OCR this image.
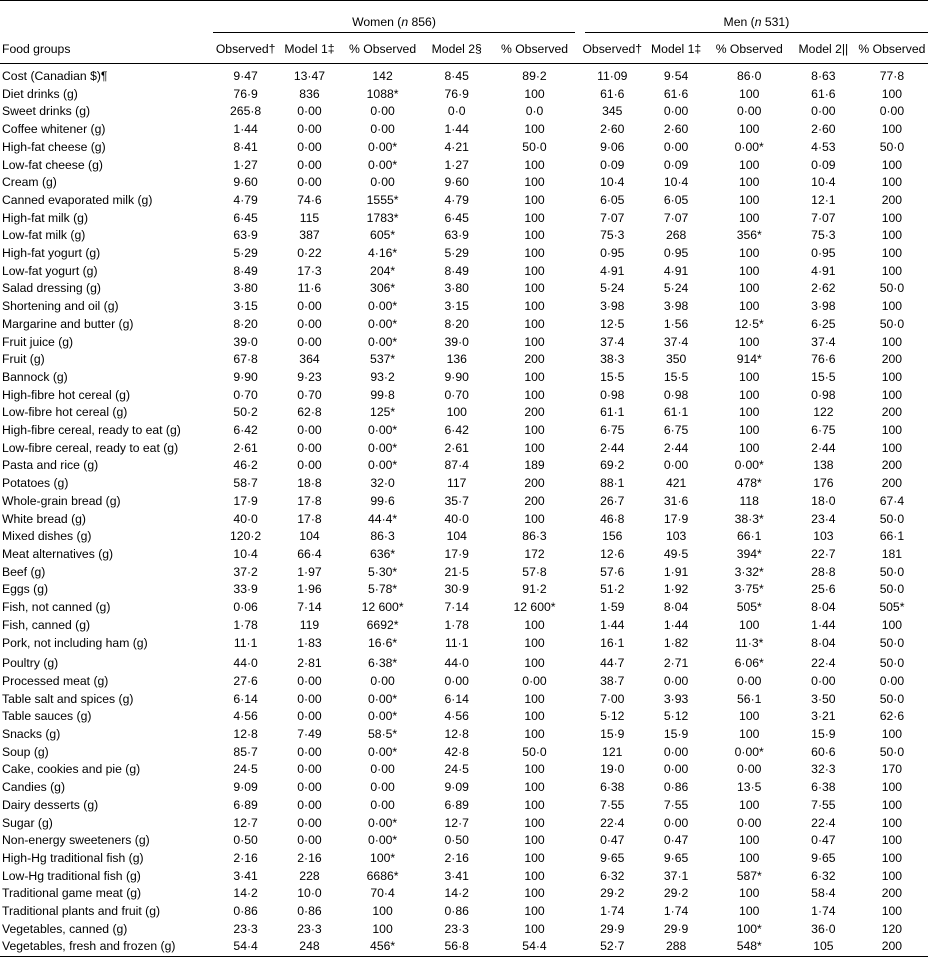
	Women (n 856)					Men (n 531)				

Food groups	Observed†	Model 1‡	% Observed	Model 2§	% Observed	Observed†	Model 1‡	% Observed	Model 2||	% Observed
Cost (Canadian $)¶	9·47	13·47	142	8·45	89·2	11·09	9·54	86·0	8·63	77·8
Diet drinks (g)	76·9	836	1088*	76·9	100	61·6	61·6	100	61·6	100
Sweet drinks (g)	265·8	0·00	0·00	0·0	0·0	345	0·00	0·00	0·00	0·00
Coffee whitener (g)	1·44	0·00	0·00	1·44	100	2·60	2·60	100	2·60	100
High-fat cheese (g)	8·41	0·00	0·00*	4·21	50·0	9·06	0·00	0·00*	4·53	50·0
Low-fat cheese (g)	1·27	0·00	0·00*	1·27	100	0·09	0·09	100	0·09	100
Cream (g)	9·60	0·00	0·00	9·60	100	10·4	10·4	100	10·4	100
Canned evaporated milk (g)	4·79	74·6	1555*	4·79	100	6·05	6·05	100	12·1	200
High-fat milk (g)	6·45	115	1783*	6·45	100	7·07	7·07	100	7·07	100
Low-fat milk (g)	63·9	387	605*	63·9	100	75·3	268	356*	75·3	100
High-fat yogurt (g)	5·29	0·22	4·16*	5·29	100	0·95	0·95	100	0·95	100
Low-fat yogurt (g)	8·49	17·3	204*	8·49	100	4·91	4·91	100	4·91	100
Salad dressing (g)	3·80	11·6	306*	3·80	100	5·24	5·24	100	2·62	50·0
Shortening and oil (g)	3·15	0·00	0·00*	3·15	100	3·98	3·98	100	3·98	100
Margarine and butter (g)	8·20	0·00	0·00*	8·20	100	12·5	1·56	12·5*	6·25	50·0
Fruit juice (g)	39·0	0·00	0·00*	39·0	100	37·4	37·4	100	37·4	100
Fruit (g)	67·8	364	537*	136	200	38·3	350	914*	76·6	200
Bannock (g)	9·90	9·23	93·2	9·90	100	15·5	15·5	100	15·5	100
High-fibre hot cereal (g)	0·70	0·70	99·8	0·70	100	0·98	0·98	100	0·98	100
Low-fibre hot cereal (g)	50·2	62·8	125*	100	200	61·1	61·1	100	122	200
High-fibre cereal, ready to eat (g)	6·42	0·00	0·00*	6·42	100	6·75	6·75	100	6·75	100
Low-fibre cereal, ready to eat (g)	2·61	0·00	0·00*	2·61	100	2·44	2·44	100	2·44	100
Pasta and rice (g)	46·2	0·00	0·00*	87·4	189	69·2	0·00	0·00*	138	200
Potatoes (g)	58·7	18·8	32·0	117	200	88·1	421	478*	176	200
Whole-grain bread (g)	17·9	17·8	99·6	35·7	200	26·7	31·6	118	18·0	67·4
White bread (g)	40·0	17·8	44·4*	40·0	100	46·8	17·9	38·3*	23·4	50·0
Mixed dishes (g)	120·2	104	86·3	104	86·3	156	103	66·1	103	66·1
Meat alternatives (g)	10·4	66·4	636*	17·9	172	12·6	49·5	394*	22·7	181
Beef (g)	37·2	1·97	5·30*	21·5	57·8	57·6	1·91	3·32*	28·8	50·0
Eggs (g)	33·9	1·96	5·78*	30·9	91·2	51·2	1·92	3·75*	25·6	50·0
Fish, not canned (g)	0·06	7·14	12 600*	7·14	12 600*	1·59	8·04	505*	8·04	505*
Fish, canned (g)	1·78	119	6692*	1·78	100	1·44	1·44	100	1·44	100
Pork, not including ham (g)	11·1	1·83	16·6*	11·1	100	16·1	1·82	11·3*	8·04	50·0
Poultry (g)	44·0	2·81	6·38*	44·0	100	44·7	2·71	6·06*	22·4	50·0
Processed meat (g)	27·6	0·00	0·00	0·00	0·00	38·7	0·00	0·00	0·00	0·00
Table salt and spices (g)	6·14	0·00	0·00*	6·14	100	7·00	3·93	56·1	3·50	50·0
Table sauces (g)	4·56	0·00	0·00*	4·56	100	5·12	5·12	100	3·21	62·6
Snacks (g)	12·8	7·49	58·5*	12·8	100	15·9	15·9	100	15·9	100
Soup (g)	85·7	0·00	0·00*	42·8	50·0	121	0·00	0·00*	60·6	50·0
Cake, cookies and pie (g)	24·5	0·00	0·00	24·5	100	19·0	0·00	0·00	32·3	170
Candies (g)	9·09	0·00	0·00	9·09	100	6·38	0·86	13·5	6·38	100
Dairy desserts (g)	6·89	0·00	0·00	6·89	100	7·55	7·55	100	7·55	100
Sugar (g)	12·7	0·00	0·00*	12·7	100	22·4	0·00	0·00	22·4	100
Non-energy sweeteners (g)	0·50	0·00	0·00*	0·50	100	0·47	0·47	100	0·47	100
High-Hg traditional fish (g)	2·16	2·16	100*	2·16	100	9·65	9·65	100	9·65	100
Low-Hg traditional fish (g)	3·41	228	6686*	3·41	100	6·32	37·1	587*	6·32	100
Traditional game meat (g)	14·2	10·0	70·4	14·2	100	29·2	29·2	100	58·4	200
Traditional plants and fruit (g)	0·86	0·86	100	0·86	100	1·74	1·74	100	1·74	100
Vegetables, canned (g)	23·3	23·3	100	23·3	100	29·9	29·9	100*	36·0	120
Vegetables, fresh and frozen (g)	54·4	248	456*	56·8	54·4	52·7	288	548*	105	200
